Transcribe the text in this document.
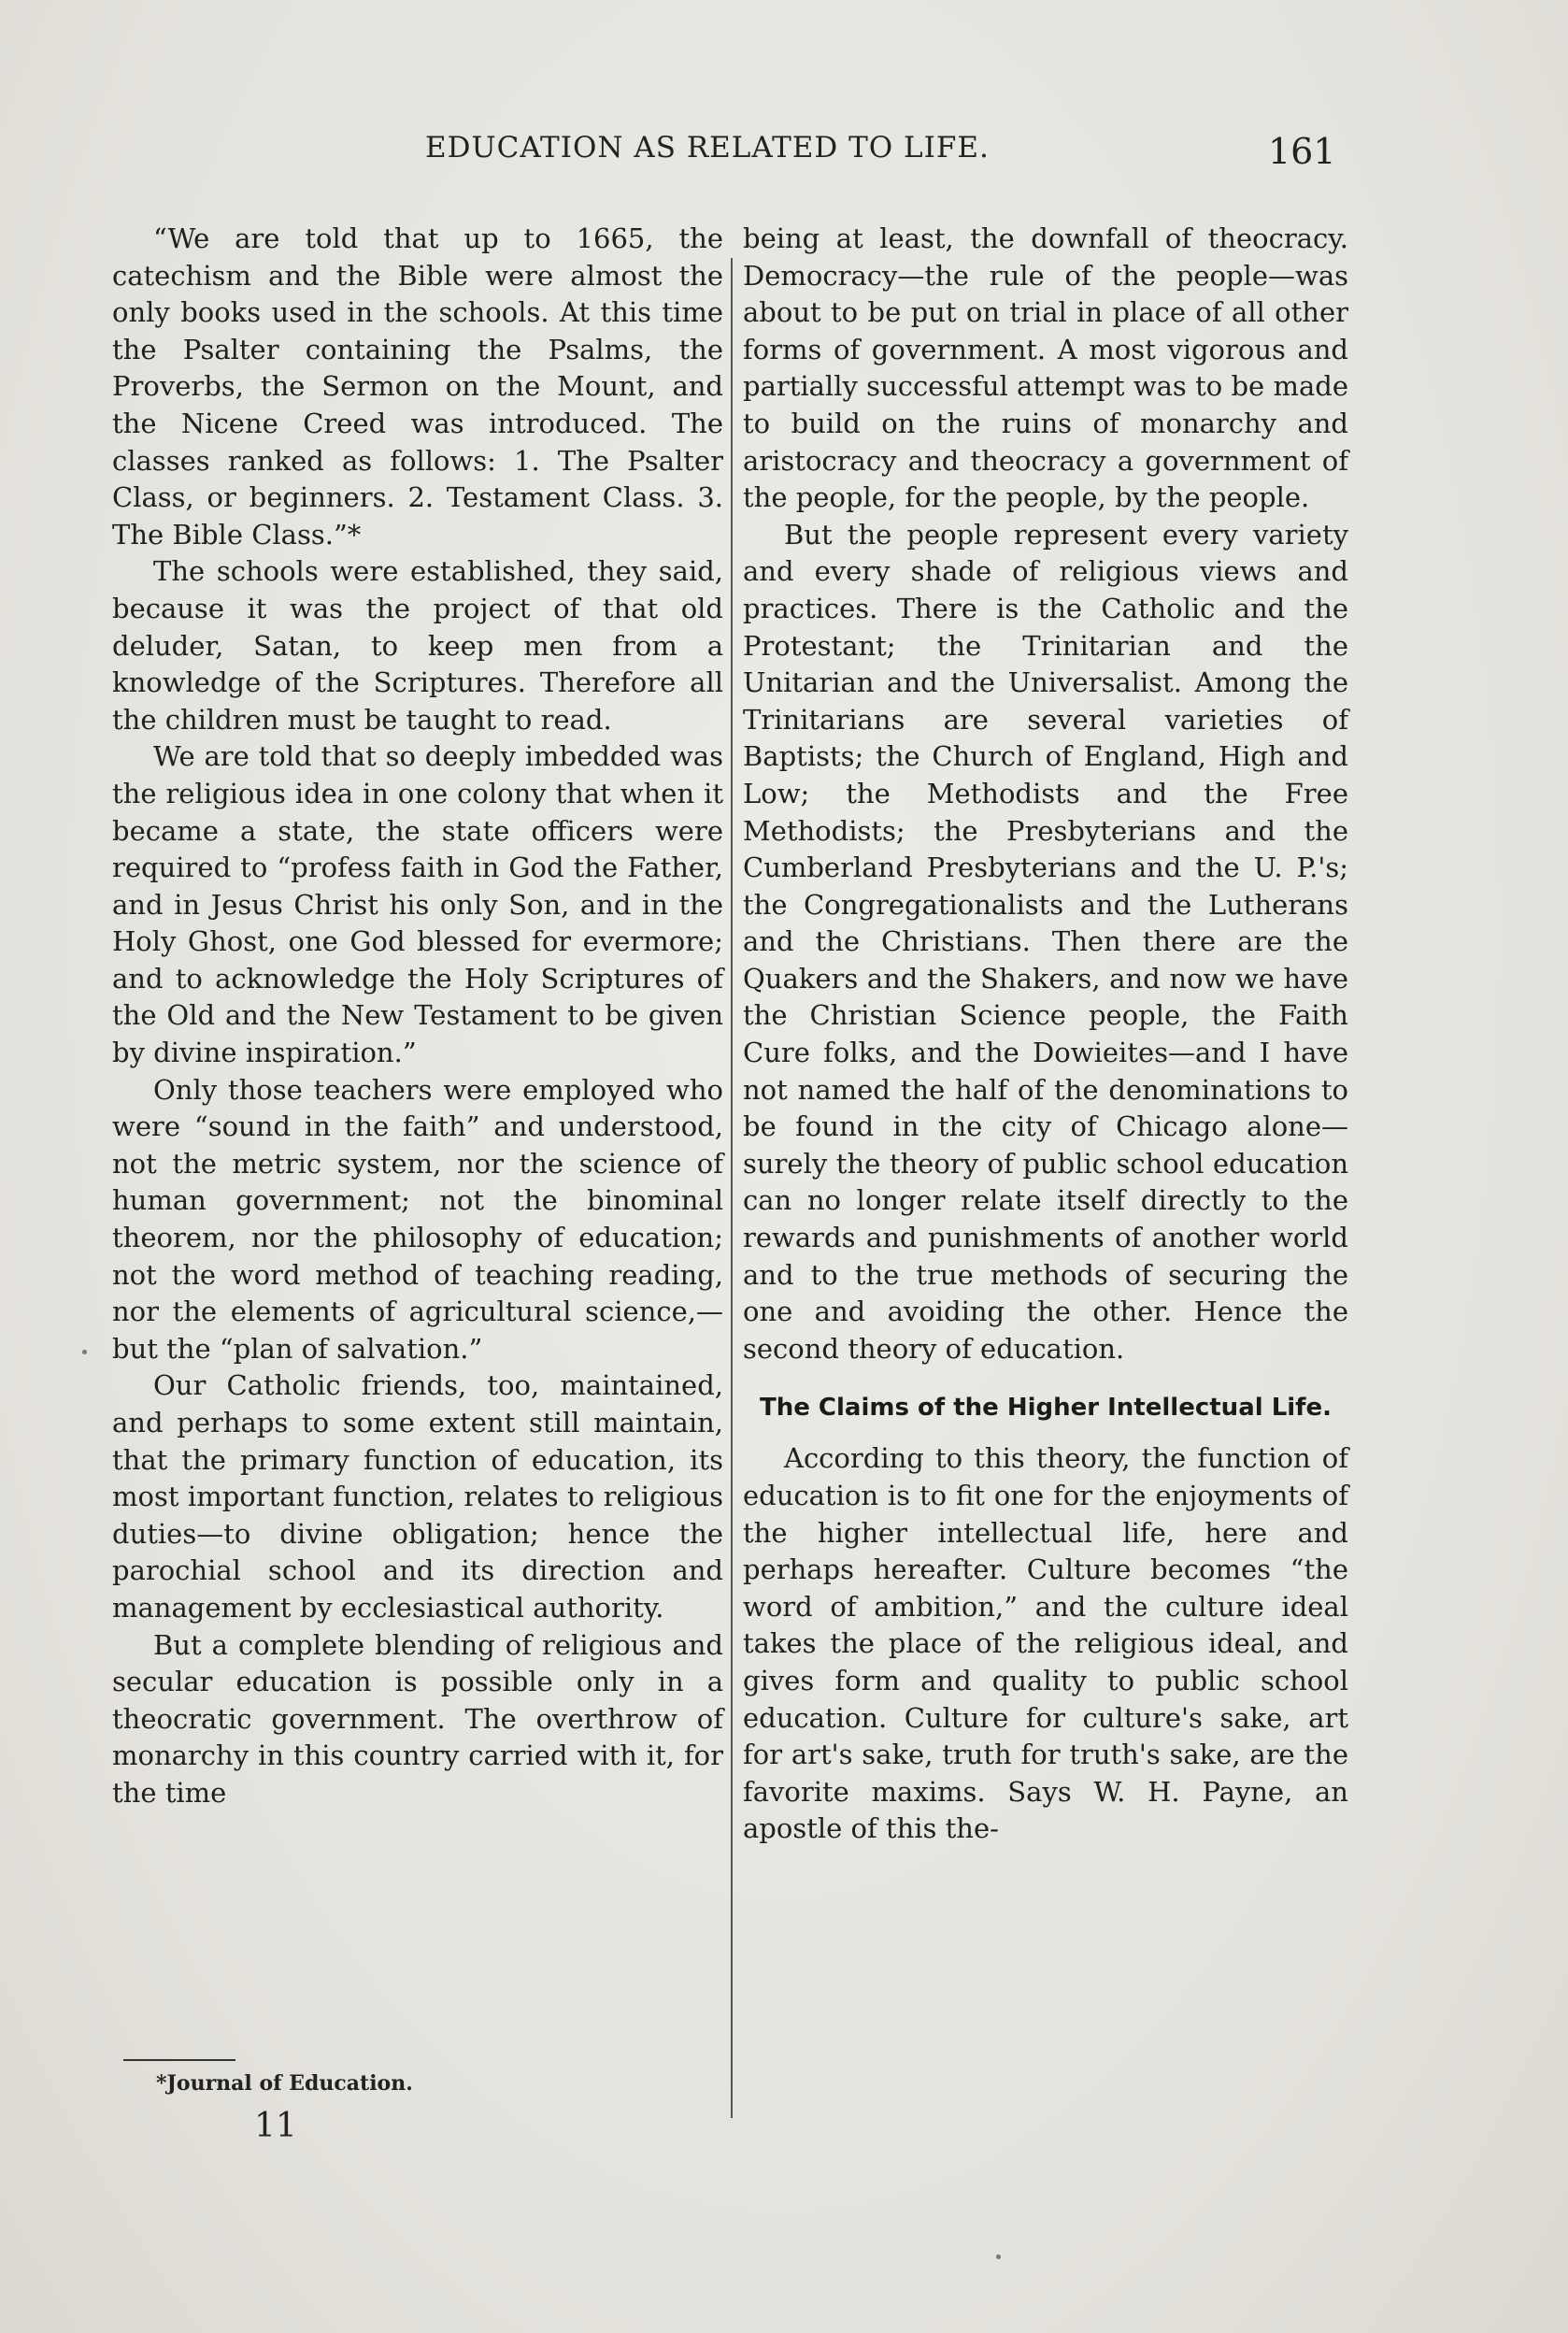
EDUCATION AS RELATED TO LIFE.	161

“We are told that up to 1665, the catechism and the Bible were almost the only books used in the schools. At this time the Psalter containing the Psalms, the Proverbs, the Sermon on the Mount, and the Nicene Creed was introduced. The classes ranked as follows: 1. The Psalter Class, or beginners. 2. Testament Class. 3. The Bible Class.”*

The schools were established, they said, because it was the project of that old deluder, Satan, to keep men from a knowledge of the Scriptures. Therefore all the children must be taught to read.

We are told that so deeply imbedded was the religious idea in one colony that when it became a state, the state officers were required to “profess faith in God the Father, and in Jesus Christ his only Son, and in the Holy Ghost, one God blessed for evermore; and to acknowledge the Holy Scriptures of the Old and the New Testament to be given by divine inspiration.”

Only those teachers were employed who were “sound in the faith” and understood, not the metric system, nor the science of human government; not the binominal theorem, nor the philosophy of education; not the word method of teaching reading, nor the elements of agricultural science,—but the “plan of salvation.”

Our Catholic friends, too, maintained, and perhaps to some extent still maintain, that the primary function of education, its most important function, relates to religious duties—to divine obligation; hence the parochial school and its direction and management by ecclesiastical authority.

But a complete blending of religious and secular education is possible only in a theocratic government. The overthrow of monarchy in this country carried with it, for the time

being at least, the downfall of theocracy. Democracy—the rule of the people—was about to be put on trial in place of all other forms of government. A most vigorous and partially successful attempt was to be made to build on the ruins of monarchy and aristocracy and theocracy a government of the people, for the people, by the people.

But the people represent every variety and every shade of religious views and practices. There is the Catholic and the Protestant; the Trinitarian and the Unitarian and the Universalist. Among the Trinitarians are several varieties of Baptists; the Church of England, High and Low; the Methodists and the Free Methodists; the Presbyterians and the Cumberland Presbyterians and the U. P.'s; the Congregationalists and the Lutherans and the Christians. Then there are the Quakers and the Shakers, and now we have the Christian Science people, the Faith Cure folks, and the Dowieites—and I have not named the half of the denominations to be found in the city of Chicago alone—surely the theory of public school education can no longer relate itself directly to the rewards and punishments of another world and to the true methods of securing the one and avoiding the other. Hence the second theory of education.

The Claims of the Higher Intellectual Life.

According to this theory, the function of education is to fit one for the enjoyments of the higher intellectual life, here and perhaps hereafter. Culture becomes “the word of ambition,” and the culture ideal takes the place of the religious ideal, and gives form and quality to public school education. Culture for culture's sake, art for art's sake, truth for truth's sake, are the favorite maxims. Says W. H. Payne, an apostle of this the-

*Journal of Education.
11
